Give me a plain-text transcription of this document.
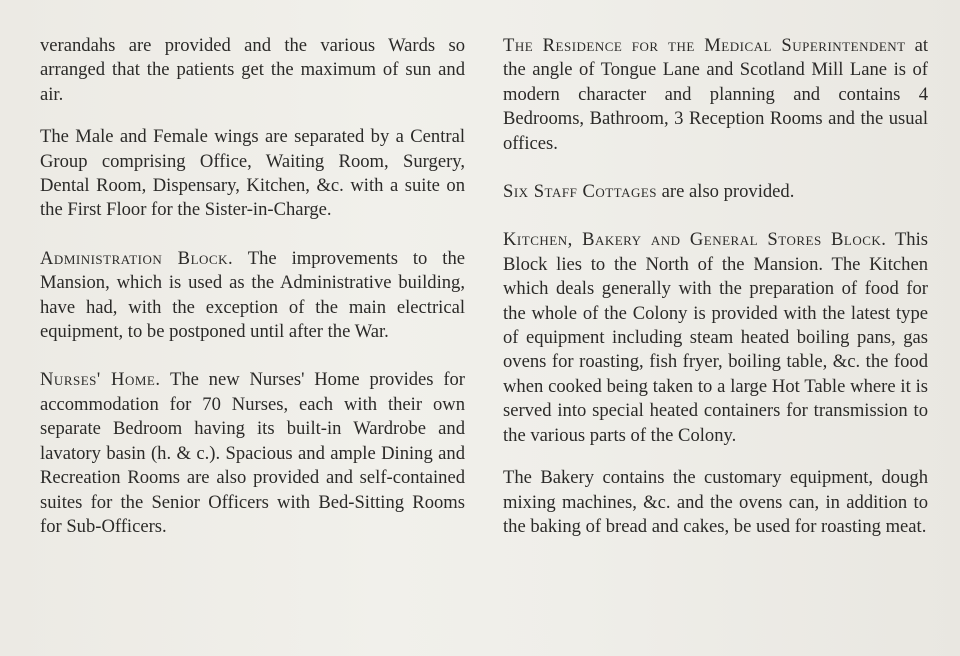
verandahs are provided and the various Wards so arranged that the patients get the maximum of sun and air.

The Male and Female wings are separated by a Central Group comprising Office, Waiting Room, Surgery, Dental Room, Dispensary, Kitchen, &c. with a suite on the First Floor for the Sister-in-Charge.

Administration Block. The improvements to the Mansion, which is used as the Administrative building, have had, with the exception of the main electrical equipment, to be postponed until after the War.

Nurses' Home. The new Nurses' Home provides for accommodation for 70 Nurses, each with their own separate Bedroom having its built-in Wardrobe and lavatory basin (h. & c.). Spacious and ample Dining and Recreation Rooms are also provided and self-contained suites for the Senior Officers with Bed-Sitting Rooms for Sub-Officers.

The Residence for the Medical Superintendent at the angle of Tongue Lane and Scotland Mill Lane is of modern character and planning and contains 4 Bedrooms, Bathroom, 3 Reception Rooms and the usual offices.

Six Staff Cottages are also provided.

Kitchen, Bakery and General Stores Block. This Block lies to the North of the Mansion. The Kitchen which deals generally with the preparation of food for the whole of the Colony is provided with the latest type of equipment including steam heated boiling pans, gas ovens for roasting, fish fryer, boiling table, &c. the food when cooked being taken to a large Hot Table where it is served into special heated containers for transmission to the various parts of the Colony.

The Bakery contains the customary equipment, dough mixing machines, &c. and the ovens can, in addition to the baking of bread and cakes, be used for roasting meat.
